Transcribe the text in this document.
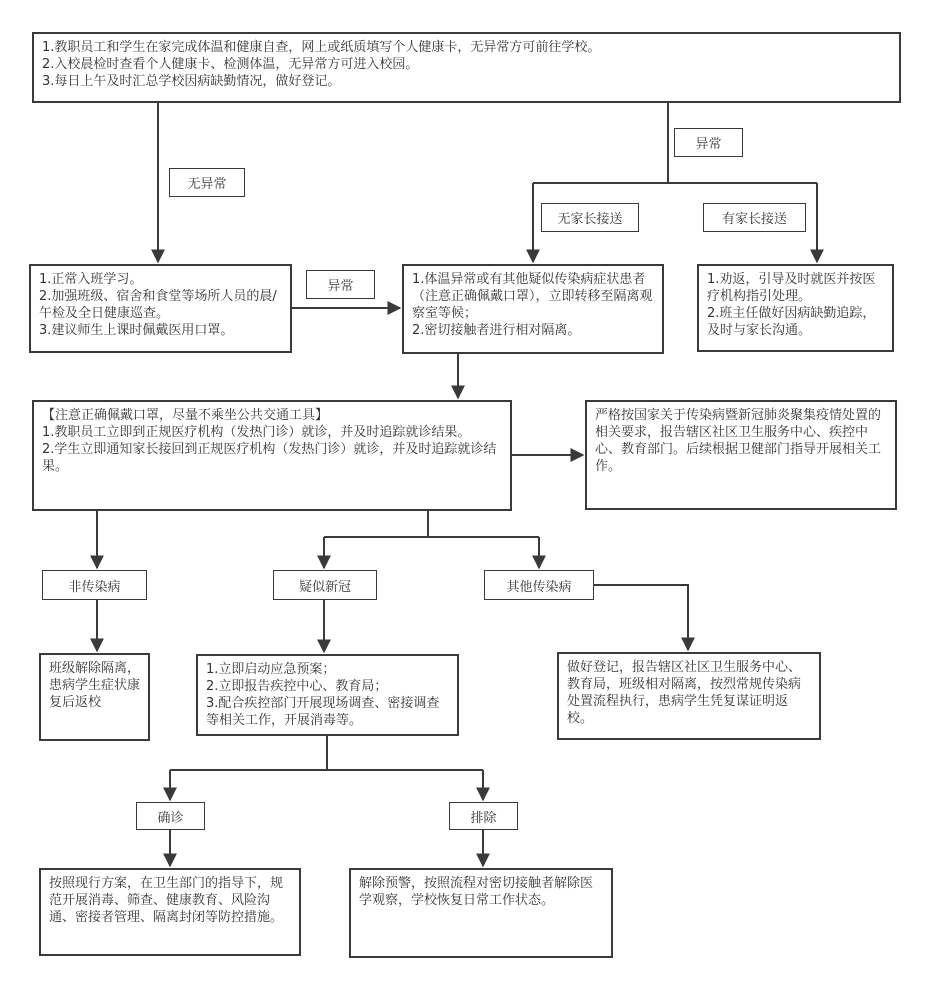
1.教职员工和学生在家完成体温和健康自查，网上或纸质填写个人健康卡，无异常方可前往学校。

2.入校晨检时查看个人健康卡、检测体温，无异常方可进入校园。

3.每日上午及时汇总学校因病缺勤情况，做好登记。

1.正常入班学习。

2.加强班级、宿舍和食堂等场所人员的晨/午检及全日健康巡查。

3.建议师生上课时佩戴医用口罩。

1.体温异常或有其他疑似传染病症状患者（注意正确佩戴口罩），立即转移至隔离观察室等候；

2.密切接触者进行相对隔离。

1.劝返，引导及时就医并按医疗机构指引处理。

2.班主任做好因病缺勤追踪，及时与家长沟通。

【注意正确佩戴口罩，尽量不乘坐公共交通工具】

1.教职员工立即到正规医疗机构（发热门诊）就诊，并及时追踪就诊结果。

2.学生立即通知家长接回到正规医疗机构（发热门诊）就诊，并及时追踪就诊结果。

严格按国家关于传染病暨新冠肺炎聚集疫情处置的相关要求，报告辖区社区卫生服务中心、疾控中心、教育部门。后续根据卫健部门指导开展相关工作。

班级解除隔离，患病学生症状康复后返校

1.立即启动应急预案；

2.立即报告疾控中心、教育局；

3.配合疾控部门开展现场调查、密接调查等相关工作，开展消毒等。

做好登记，报告辖区社区卫生服务中心、教育局，班级相对隔离，按烈常规传染病处置流程执行，患病学生凭复谋证明返校。

按照现行方案，在卫生部门的指导下，规范开展消毒、筛查、健康教育、风险沟通、密接者管理、隔离封闭等防控措施。

解除预警，按照流程对密切接触者解除医学观察，学校恢复日常工作状态。

无异常
异常
无家长接送	有家长接送
异常
非传染病	疑似新冠	其他传染病
确诊	排除
